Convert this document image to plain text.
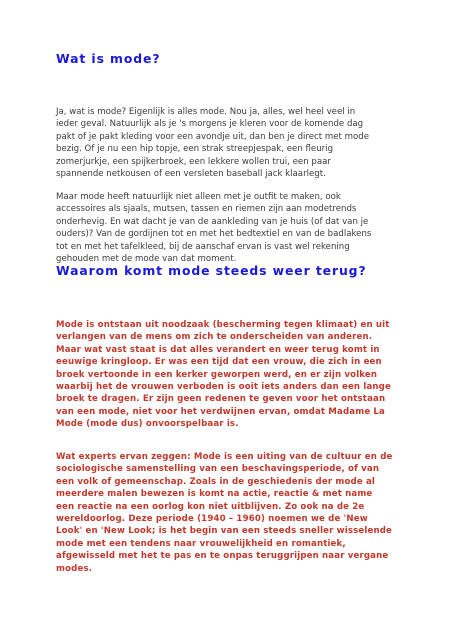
Wat is mode?
Ja, wat is mode? Eigenlijk is alles mode. Nou ja, alles, wel heel veel in
ieder geval. Natuurlijk als je 's morgens je kleren voor de komende dag
pakt of je pakt kleding voor een avondje uit, dan ben je direct met mode
bezig. Of je nu een hip topje, een strak streepjespak, een fleurig
zomerjurkje, een spijkerbroek, een lekkere wollen trui, een paar
spannende netkousen of een versleten baseball jack klaarlegt.
Maar mode heeft natuurlijk niet alleen met je outfit te maken, ook
accessoires als sjaals, mutsen, tassen en riemen zijn aan modetrends
onderhevig. En wat dacht je van de aankleding van je huis (of dat van je
ouders)? Van de gordijnen tot en met het bedtextiel en van de badlakens
tot en met het tafelkleed, bij de aanschaf ervan is vast wel rekening
gehouden met de mode van dat moment.
Waarom komt mode steeds weer terug?
Mode is ontstaan uit noodzaak (bescherming tegen klimaat) en uit
verlangen van de mens om zich te onderscheiden van anderen.
Maar wat vast staat is dat alles verandert en weer terug komt in
eeuwige kringloop. Er was een tijd dat een vrouw, die zich in een
broek vertoonde in een kerker geworpen werd, en er zijn volken
waarbij het de vrouwen verboden is ooit iets anders dan een lange
broek te dragen. Er zijn geen redenen te geven voor het ontstaan
van een mode, niet voor het verdwijnen ervan, omdat Madame La
Mode (mode dus) onvoorspelbaar is.
Wat experts ervan zeggen: Mode is een uiting van de cultuur en de
sociologische samenstelling van een beschavingsperiode, of van
een volk of gemeenschap. Zoals in de geschiedenis der mode al
meerdere malen bewezen is komt na actie, reactie & met name
een reactie na een oorlog kon niet uitblijven. Zo ook na de 2e
wereldoorlog. Deze periode (1940 – 1960) noemen we de 'New
Look' en 'New Look; is het begin van een steeds sneller wisselende
mode met een tendens naar vrouwelijkheid en romantiek,
afgewisseld met het te pas en te onpas teruggrijpen naar vergane
modes.
